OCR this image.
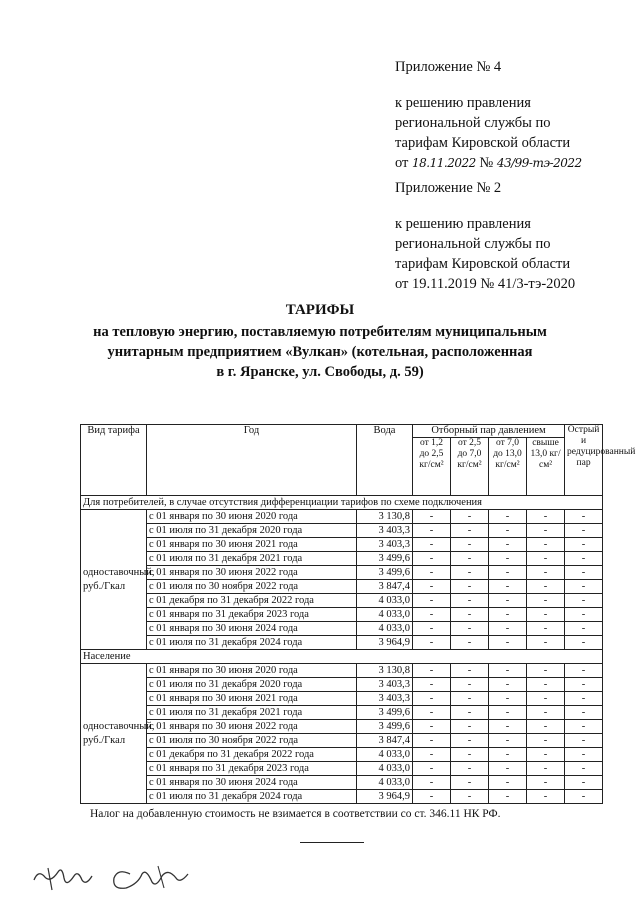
Приложение № 4

к решению правления

региональной службы по

тарифам Кировской области

от 18.11.2022 № 43/99-тэ-2022

Приложение № 2

к решению правления

региональной службы по

тарифам Кировской области

от 19.11.2019 № 41/3-тэ-2020

ТАРИФЫ

на тепловую энергию, поставляемую потребителям муниципальным

унитарным предприятием «Вулкан» (котельная, расположенная

в г. Яранске, ул. Свободы, д. 59)

Вид тарифа	Год	Вода	Отборный пар давлением				Острый и редуцированный пар
			от 1,2 до 2,5 кг/см²	от 2,5 до 7,0 кг/см²	от 7,0 до 13,0 кг/см²	свыше 13,0 кг/см²	
Для потребителей, в случае отсутствия дифференциации тарифов по схеме подключения							
одноставочный, руб./Гкал	с 01 января по 30 июня 2020 года	3 130,8	-	-	-	-	-
	с 01 июля по 31 декабря 2020 года	3 403,3	-	-	-	-	-
	с 01 января по 30 июня 2021 года	3 403,3	-	-	-	-	-
	с 01 июля по 31 декабря 2021 года	3 499,6	-	-	-	-	-
	с 01 января по 30 июня 2022 года	3 499,6	-	-	-	-	-
	с 01 июля по 30 ноября 2022 года	3 847,4	-	-	-	-	-
	с 01 декабря по 31 декабря 2022 года	4 033,0	-	-	-	-	-
	с 01 января по 31 декабря 2023 года	4 033,0	-	-	-	-	-
	с 01 января по 30 июня 2024 года	4 033,0	-	-	-	-	-
	с 01 июля по 31 декабря 2024 года	3 964,9	-	-	-	-	-
Население							
одноставочный, руб./Гкал	с 01 января по 30 июня 2020 года	3 130,8	-	-	-	-	-
	с 01 июля по 31 декабря 2020 года	3 403,3	-	-	-	-	-
	с 01 января по 30 июня 2021 года	3 403,3	-	-	-	-	-
	с 01 июля по 31 декабря 2021 года	3 499,6	-	-	-	-	-
	с 01 января по 30 июня 2022 года	3 499,6	-	-	-	-	-
	с 01 июля по 30 ноября 2022 года	3 847,4	-	-	-	-	-
	с 01 декабря по 31 декабря 2022 года	4 033,0	-	-	-	-	-
	с 01 января по 31 декабря 2023 года	4 033,0	-	-	-	-	-
	с 01 января по 30 июня 2024 года	4 033,0	-	-	-	-	-
	с 01 июля по 31 декабря 2024 года	3 964,9	-	-	-	-	-
Налог на добавленную стоимость не взимается в соответствии со ст. 346.11 НК РФ.
